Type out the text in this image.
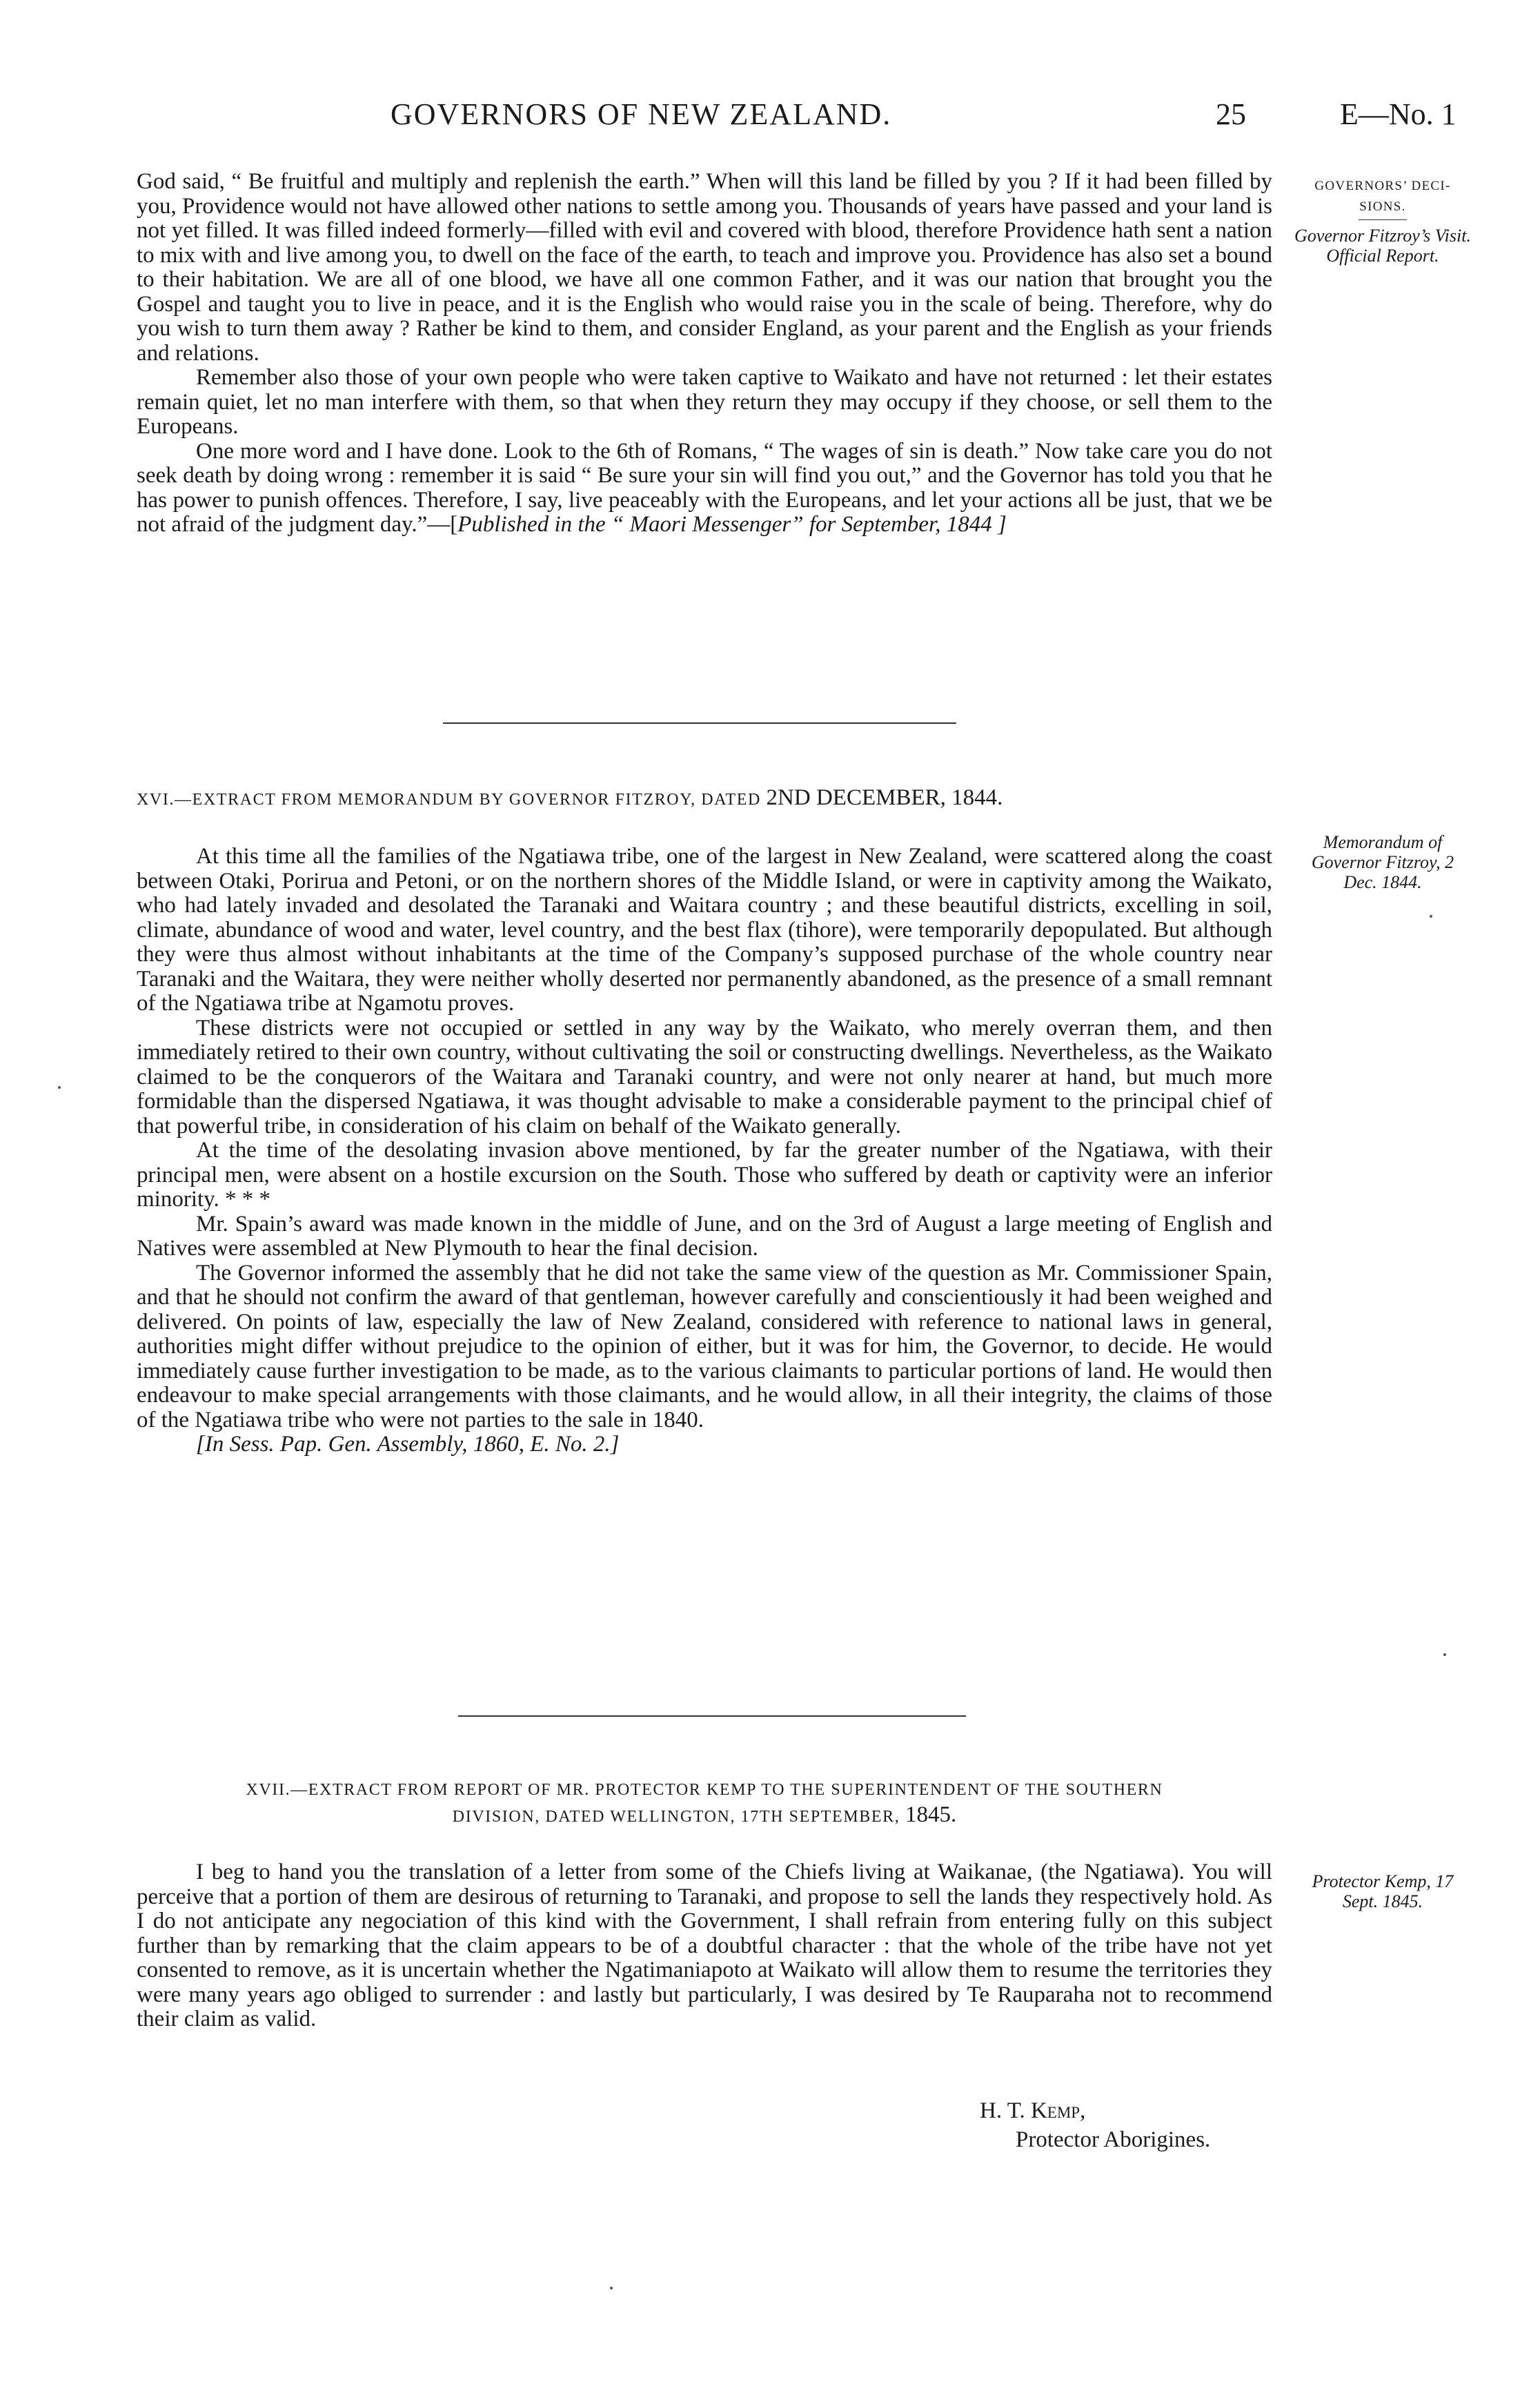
GOVERNORS OF NEW ZEALAND.	25	E—No. 1

God said, “ Be fruitful and multiply and replenish the earth.” When will this land be filled by you ? If it had been filled by you, Providence would not have allowed other nations to settle among you. Thousands of years have passed and your land is not yet filled. It was filled indeed formerly—filled with evil and covered with blood, therefore Providence hath sent a nation to mix with and live among you, to dwell on the face of the earth, to teach and improve you. Providence has also set a bound to their habitation. We are all of one blood, we have all one common Father, and it was our nation that brought you the Gospel and taught you to live in peace, and it is the English who would raise you in the scale of being. Therefore, why do you wish to turn them away ? Rather be kind to them, and consider England, as your parent and the English as your friends and relations.

Remember also those of your own people who were taken captive to Waikato and have not returned : let their estates remain quiet, let no man interfere with them, so that when they return they may occupy if they choose, or sell them to the Europeans.

One more word and I have done. Look to the 6th of Romans, “ The wages of sin is death.” Now take care you do not seek death by doing wrong : remember it is said “ Be sure your sin will find you out,” and the Governor has told you that he has power to punish offences. Therefore, I say, live peaceably with the Europeans, and let your actions all be just, that we be not afraid of the judgment day.”—[Published in the “ Maori Messenger” for September, 1844 ]

GOVERNORS’ DECI-SIONS.
Governor Fitzroy’s Visit. Official Report.
XVI.—EXTRACT FROM MEMORANDUM BY GOVERNOR FITZROY, DATED 2ND DECEMBER, 1844.
Memorandum of Governor Fitzroy, 2 Dec. 1844.

At this time all the families of the Ngatiawa tribe, one of the largest in New Zealand, were scattered along the coast between Otaki, Porirua and Petoni, or on the northern shores of the Middle Island, or were in captivity among the Waikato, who had lately invaded and desolated the Taranaki and Waitara country ; and these beautiful districts, excelling in soil, climate, abundance of wood and water, level country, and the best flax (tihore), were temporarily depopulated. But although they were thus almost without inhabitants at the time of the Company’s supposed purchase of the whole country near Taranaki and the Waitara, they were neither wholly deserted nor permanently abandoned, as the presence of a small remnant of the Ngatiawa tribe at Ngamotu proves.

These districts were not occupied or settled in any way by the Waikato, who merely overran them, and then immediately retired to their own country, without cultivating the soil or constructing dwellings. Nevertheless, as the Waikato claimed to be the conquerors of the Waitara and Taranaki country, and were not only nearer at hand, but much more formidable than the dispersed Ngatiawa, it was thought advisable to make a considerable payment to the principal chief of that powerful tribe, in consideration of his claim on behalf of the Waikato generally.

At the time of the desolating invasion above mentioned, by far the greater number of the Ngatiawa, with their principal men, were absent on a hostile excursion on the South. Those who suffered by death or captivity were an inferior minority. * * *

Mr. Spain’s award was made known in the middle of June, and on the 3rd of August a large meeting of English and Natives were assembled at New Plymouth to hear the final decision.

The Governor informed the assembly that he did not take the same view of the question as Mr. Commissioner Spain, and that he should not confirm the award of that gentleman, however carefully and conscientiously it had been weighed and delivered. On points of law, especially the law of New Zealand, considered with reference to national laws in general, authorities might differ without prejudice to the opinion of either, but it was for him, the Governor, to decide. He would immediately cause further investigation to be made, as to the various claimants to particular portions of land. He would then endeavour to make special arrangements with those claimants, and he would allow, in all their integrity, the claims of those of the Ngatiawa tribe who were not parties to the sale in 1840.

[In Sess. Pap. Gen. Assembly, 1860, E. No. 2.]

XVII.—EXTRACT FROM REPORT OF MR. PROTECTOR KEMP TO THE SUPERINTENDENT OF THE SOUTHERN
DIVISION, DATED WELLINGTON, 17TH SEPTEMBER, 1845.
Protector Kemp, 17 Sept. 1845.

I beg to hand you the translation of a letter from some of the Chiefs living at Waikanae, (the Ngatiawa). You will perceive that a portion of them are desirous of returning to Taranaki, and propose to sell the lands they respectively hold. As I do not anticipate any negociation of this kind with the Government, I shall refrain from entering fully on this subject further than by remarking that the claim appears to be of a doubtful character : that the whole of the tribe have not yet consented to remove, as it is uncertain whether the Ngatimaniapoto at Waikato will allow them to resume the territories they were many years ago obliged to surrender : and lastly but particularly, I was desired by Te Rauparaha not to recommend their claim as valid.

H. T. Kemp,
Protector Aborigines.
